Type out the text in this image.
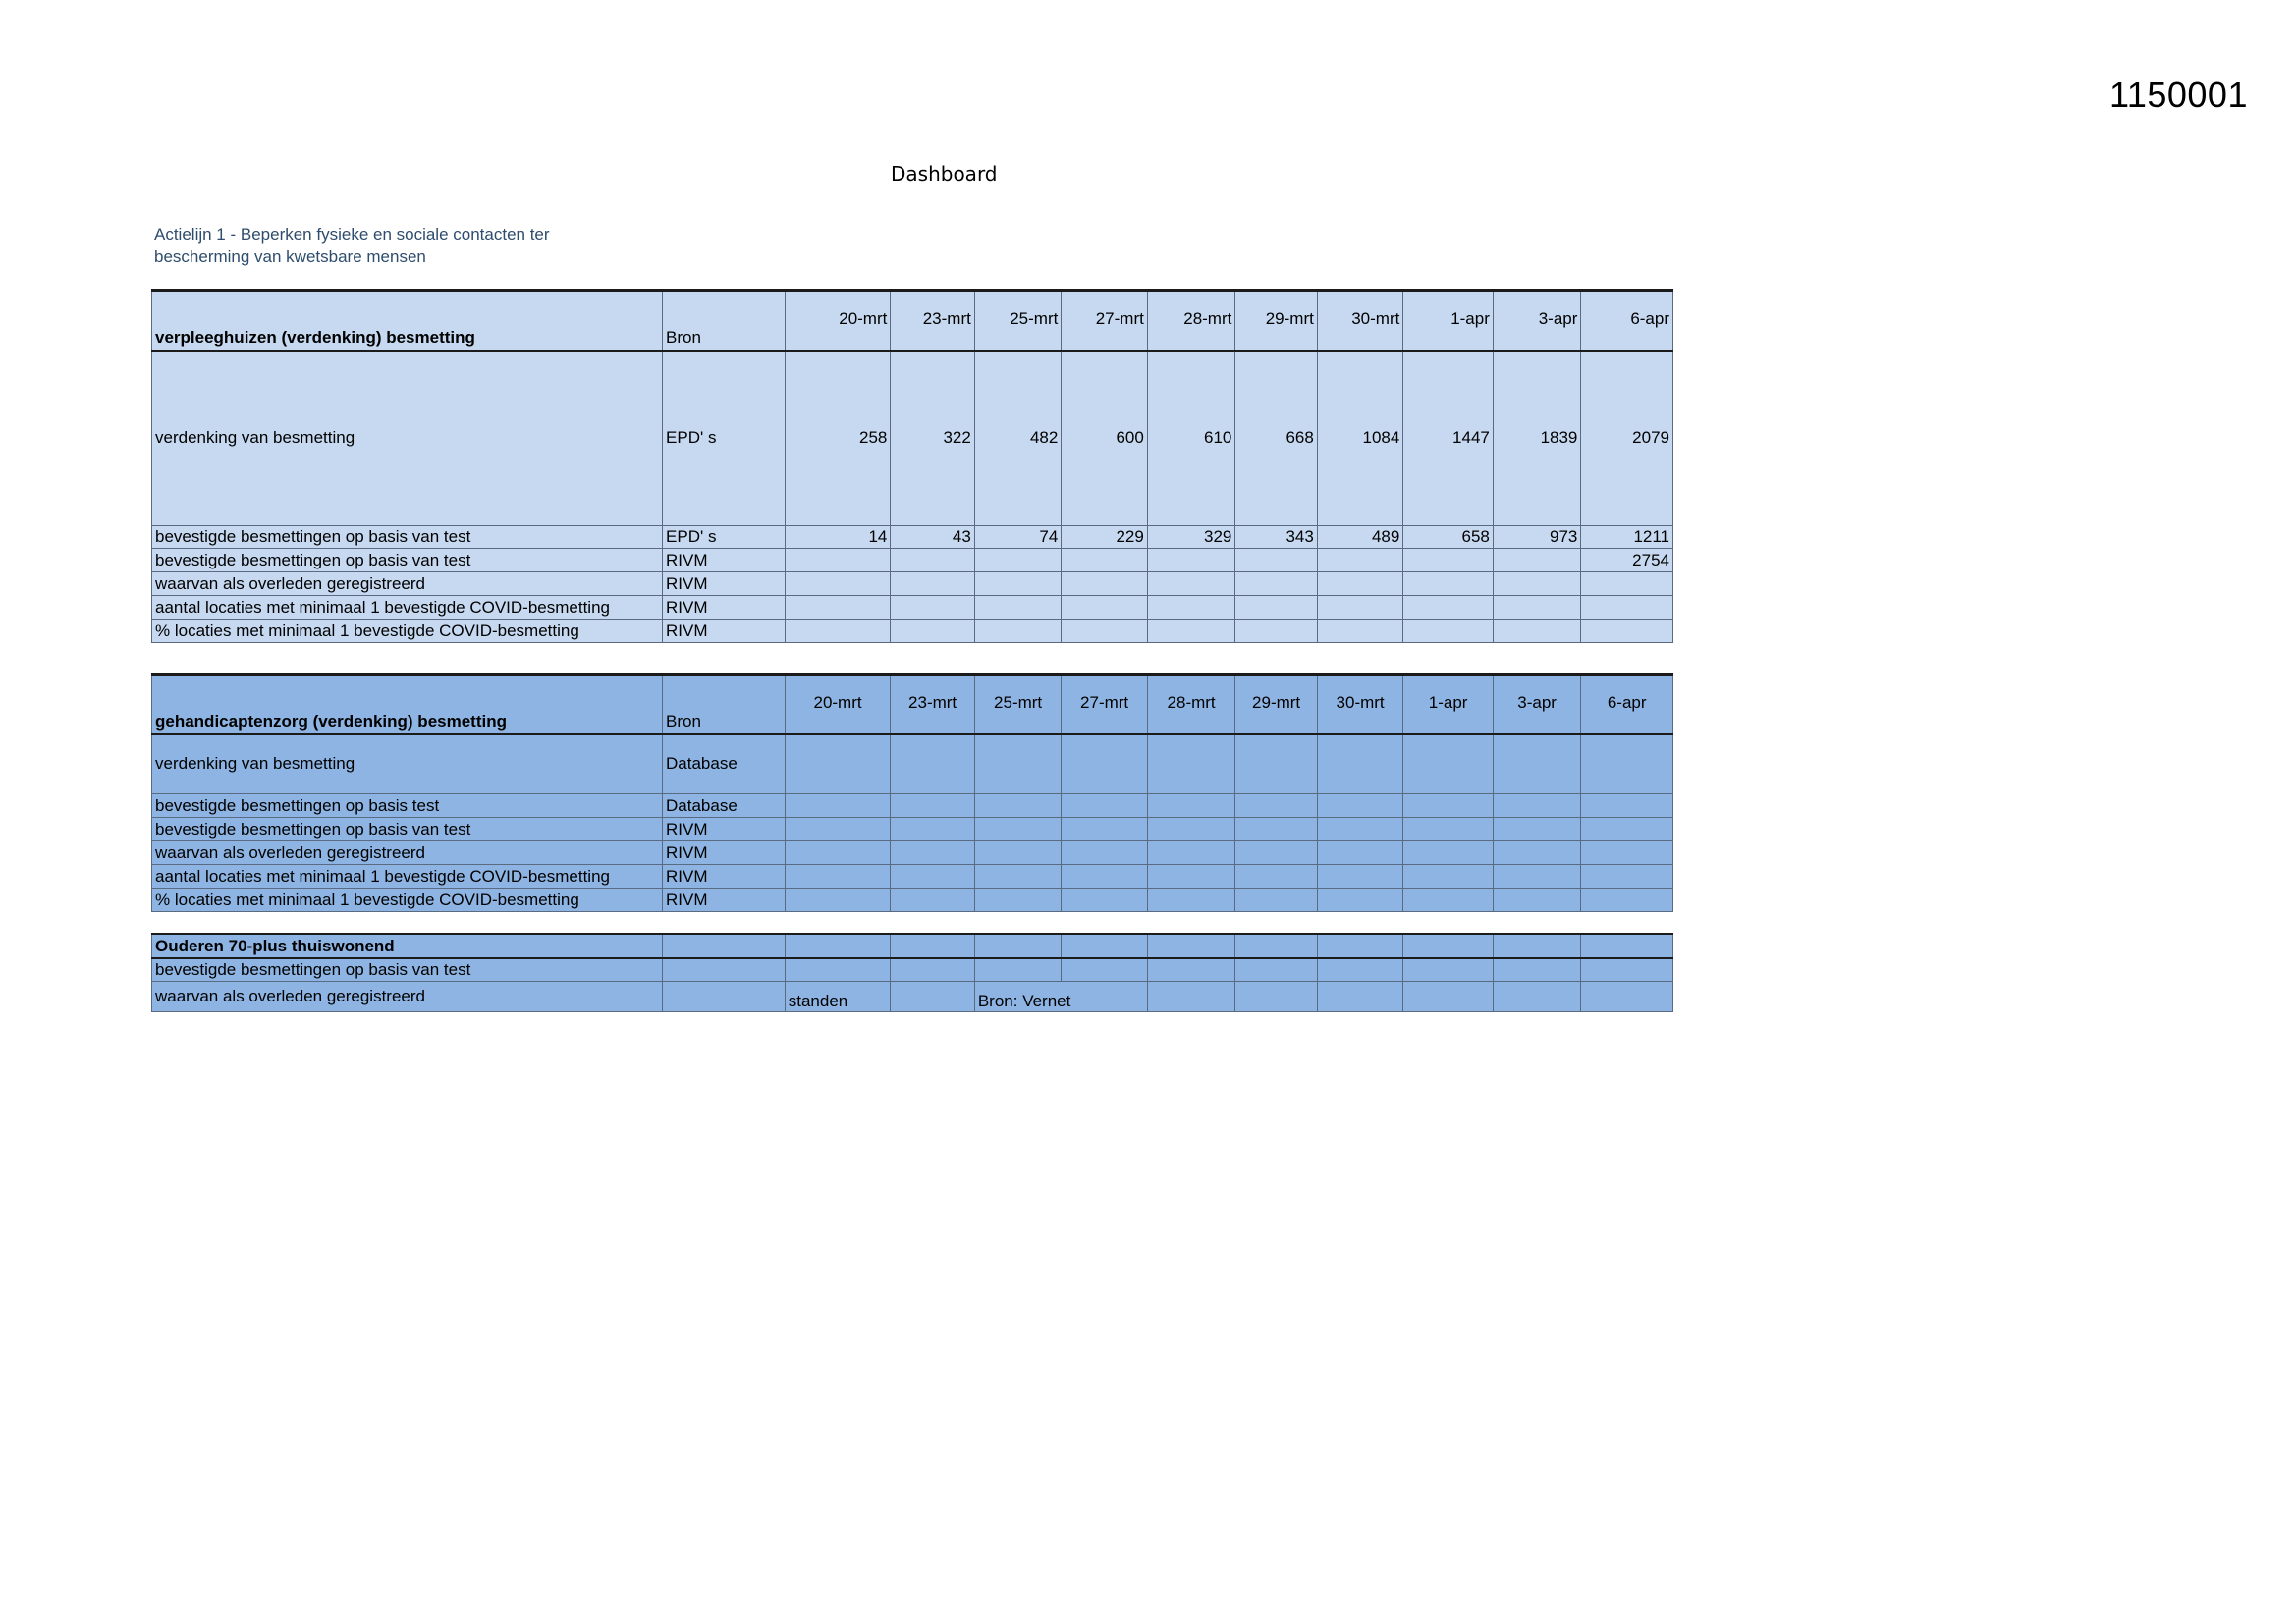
1150001
Dashboard
Actielijn 1 - Beperken fysieke en sociale contacten ter bescherming van kwetsbare mensen
verpleeghuizen (verdenking) besmetting	Bron	20-mrt	23-mrt	25-mrt	27-mrt	28-mrt	29-mrt	30-mrt	1-apr	3-apr	6-apr
verdenking van besmetting	EPD' s	258	322	482	600	610	668	1084	1447	1839	2079
bevestigde besmettingen op basis van test	EPD' s	14	43	74	229	329	343	489	658	973	1211
bevestigde besmettingen op basis van test	RIVM										2754
waarvan als overleden geregistreerd	RIVM										
aantal locaties met minimaal 1 bevestigde COVID-besmetting	RIVM										
% locaties met minimaal 1 bevestigde COVID-besmetting	RIVM										
gehandicaptenzorg (verdenking) besmetting	Bron	20-mrt	23-mrt	25-mrt	27-mrt	28-mrt	29-mrt	30-mrt	1-apr	3-apr	6-apr
verdenking van besmetting	Database										
bevestigde besmettingen op basis test	Database										
bevestigde besmettingen op basis van test	RIVM										
waarvan als overleden geregistreerd	RIVM										
aantal locaties met minimaal 1 bevestigde COVID-besmetting	RIVM										
% locaties met minimaal 1 bevestigde COVID-besmetting	RIVM										
Ouderen 70-plus thuiswonend											
bevestigde besmettingen op basis van test											
waarvan als overleden geregistreerd		standen		Bron: Vernet							
